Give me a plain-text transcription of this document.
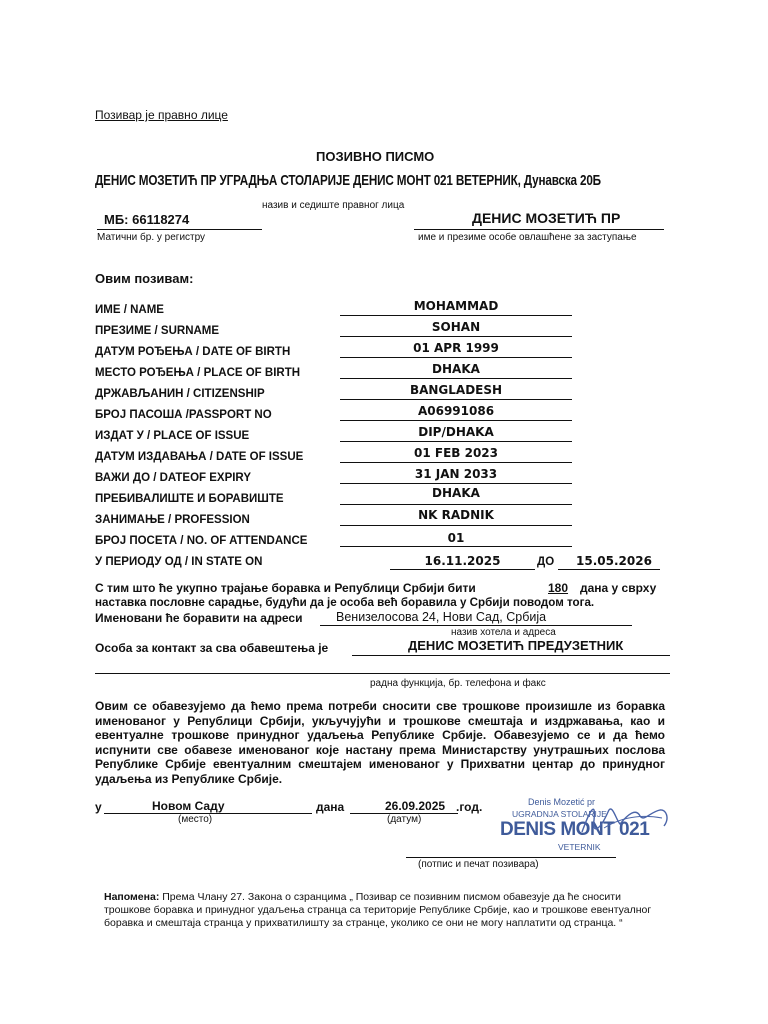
Позивар је правно лице
ПОЗИВНО ПИСМО
ДЕНИС МОЗЕТИЋ ПР УГРАДЊА СТОЛАРИЈЕ ДЕНИС МОНТ 021 ВЕТЕРНИК, Дунавска 20Б
назив и седиште правног лица
МБ: 66118274
Матични бр. у регистру
ДЕНИС МОЗЕТИЋ ПР
име и презиме особе овлашћене за заступање
Овим позивам:
ИМЕ / NAME	MOHAMMAD
ПРЕЗИМЕ / SURNAME	SOHAN
ДАТУМ РОЂЕЊА / DATE OF BIRTH	01 APR 1999
МЕСТО РОЂЕЊА / PLACE OF BIRTH	DHAKA
ДРЖАВЉАНИН / CITIZENSHIP	BANGLADESH
БРОЈ ПАСОША /PASSPORT NO	A06991086
ИЗДАТ У / PLACE OF ISSUE	DIP/DHAKA
ДАТУМ ИЗДАВАЊА / DATE OF ISSUE	01 FEB 2023
ВАЖИ ДО / DATEOF EXPIRY	31 JAN 2033
ПРЕБИВАЛИШТЕ И БОРАВИШТЕ	DHAKA
ЗАНИМАЊЕ / PROFESSION	NK RADNIK
БРОЈ ПОСЕТА / NO. OF ATTENDANCE	01
У ПЕРИОДУ ОД / IN STATE ON	16.11.2025	ДО 15.05.2026
С тим што ће укупно трајање боравка и Републици Србији бити	180 дана у сврху
наставка пословне сарадње, будући да је особа већ боравила у Србији поводом тога.
Именовани ће боравити на адреси	Венизелосова 24, Нови Сад, Србија
назив хотела и адреса
Особа за контакт за сва обавештења је	ДЕНИС МОЗЕТИЋ ПРЕДУЗЕТНИК
радна функција, бр. телефона и факс
Овим се обавезујемо да ћемо према потреби сносити све трошкове произишле из боравка именованог у Републици Србији, укључујући и трошкове смештаја и издржавања, као и евентуалне трошкове принудног удаљења Републике Србије. Обавезујемо се и да ћемо испунити све обавезе именованог које настану према Министарству унутрашњих послова Републике Србије евентуалним смештајем именованог у Прихватни центар до принудног удаљења из Републике Србије.
у	Новом Саду
(место)
дана	26.09.2025 .год.
(датум)
Denis Mozetić pr
UGRADNJA STOLARIJE
DENIS MONT 021
VETERNIK
(потпис и печат позивара)
Напомена: Према Члану 27. Закона о сзранцима „ Позивар се позивним писмом обавезује да ће сносити трошкове боравка и принудног удаљења странца са територије Републике Србије, као и трошкове евентуалног боравка и смештаја странца у прихватилишту за странце, уколико се они не могу наплатити од странца. “
